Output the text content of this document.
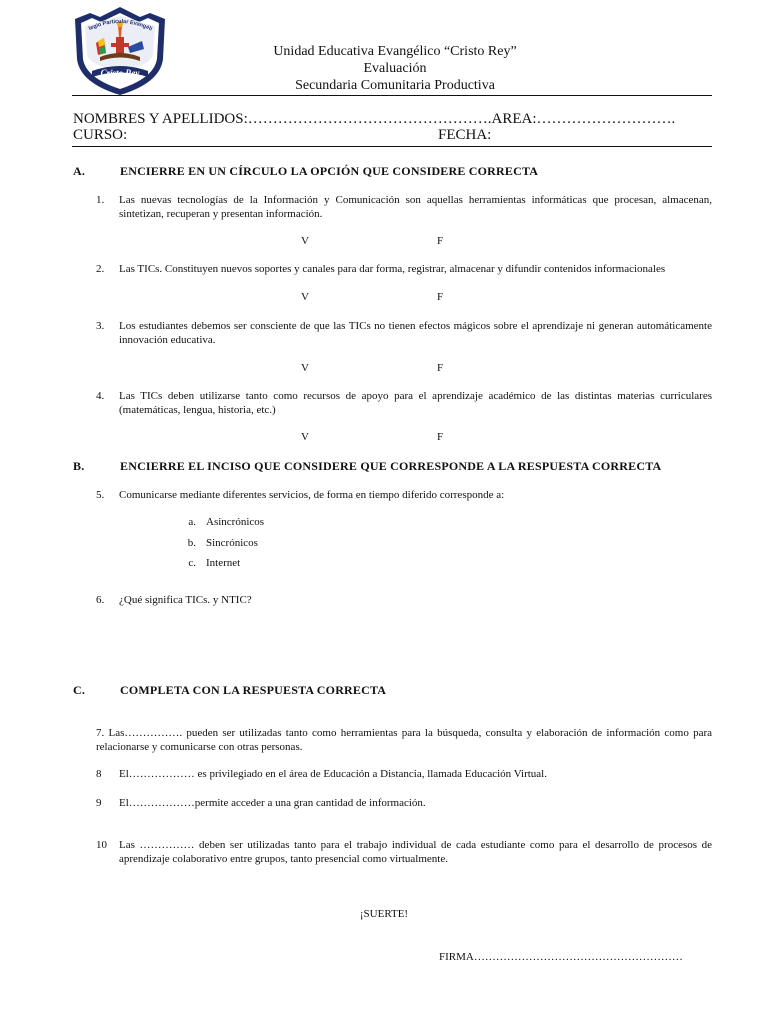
Cristo Rey
legio Particular Evangéli
Unidad Educativa Evangélico “Cristo Rey”
Evaluación
Secundaria Comunitaria Productiva
NOMBRES Y APELLIDOS:………………………………………….AREA:……………………….
CURSO:	FECHA:
A.	ENCIERRE EN UN CÍRCULO LA OPCIÓN QUE CONSIDERE CORRECTA
1. Las nuevas tecnologías de la Información y Comunicación son aquellas herramientas informáticas que procesan, almacenan, sintetizan, recuperan y presentan información.
V	F
2. Las TICs. Constituyen nuevos soportes y canales para dar forma, registrar, almacenar y difundir contenidos informacionales
V	F
3. Los estudiantes debemos ser consciente de que las TICs no tienen efectos mágicos sobre el aprendizaje ni generan automáticamente innovación educativa.
V	F
4. Las TICs deben utilizarse tanto como recursos de apoyo para el aprendizaje académico de las distintas materias curriculares (matemáticas, lengua, historia, etc.)
V	F
B.	ENCIERRE EL INCISO QUE CONSIDERE QUE CORRESPONDE A LA RESPUESTA CORRECTA
5. Comunicarse mediante diferentes servicios, de forma en tiempo diferido corresponde a:
a. Asincrónicos
b. Sincrónicos
c. Internet
6. ¿Qué significa TICs. y NTIC?
C.	COMPLETA CON LA RESPUESTA CORRECTA
7. Las……………. pueden ser utilizadas tanto como herramientas para la búsqueda, consulta y elaboración de información como para relacionarse y comunicarse con otras personas.
8 El……………… es privilegiado en el área de Educación a Distancia, llamada Educación Virtual.
9 El………………permite acceder a una gran cantidad de información.
10 Las …………… deben ser utilizadas tanto para el trabajo individual de cada estudiante como para el desarrollo de procesos de aprendizaje colaborativo entre grupos, tanto presencial como virtualmente.
¡SUERTE!
FIRMA…………………………………………………
